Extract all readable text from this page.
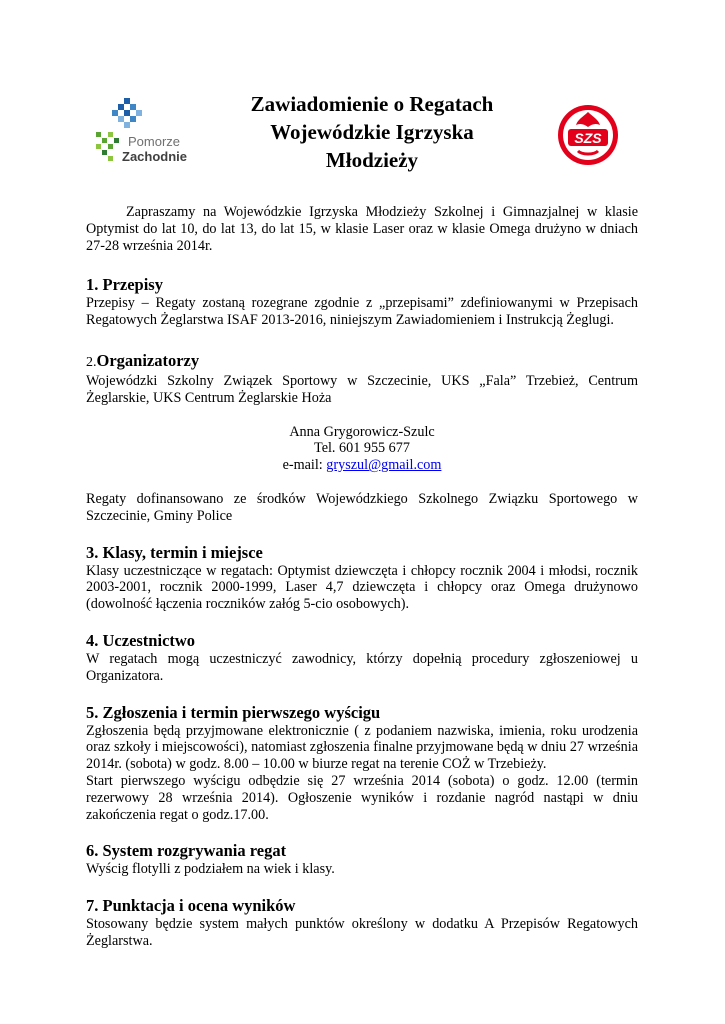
Pomorze
Zachodnie
Zawiadomienie o Regatach
Wojewódzkie Igrzyska
Młodzieży
SZS

Zapraszamy na Wojewódzkie Igrzyska Młodzieży Szkolnej i Gimnazjalnej w klasie Optymist do lat 10, do lat 13, do lat 15, w klasie Laser oraz w klasie Omega drużyno w dniach 27-28 września 2014r.

1. Przepisy

Przepisy – Regaty zostaną rozegrane zgodnie z „przepisami” zdefiniowanymi w Przepisach Regatowych Żeglarstwa ISAF 2013-2016, niniejszym Zawiadomieniem i Instrukcją Żeglugi.

2.Organizatorzy

Wojewódzki Szkolny Związek Sportowy w Szczecinie, UKS „Fala” Trzebież, Centrum Żeglarskie, UKS Centrum Żeglarskie Hoża

Anna Grygorowicz-Szulc
Tel. 601 955 677
e-mail: gryszul@gmail.com

Regaty dofinansowano ze środków Wojewódzkiego Szkolnego Związku Sportowego w Szczecinie, Gminy Police

3. Klasy, termin i miejsce

Klasy uczestniczące w regatach: Optymist dziewczęta i chłopcy rocznik 2004 i młodsi, rocznik 2003-2001, rocznik 2000-1999, Laser 4,7 dziewczęta i chłopcy oraz Omega drużynowo (dowolność łączenia roczników załóg 5-cio osobowych).

4. Uczestnictwo

W regatach mogą uczestniczyć zawodnicy, którzy dopełnią procedury zgłoszeniowej u Organizatora.

5. Zgłoszenia i termin pierwszego wyścigu

Zgłoszenia będą przyjmowane elektronicznie ( z podaniem nazwiska, imienia, roku urodzenia oraz szkoły i miejscowości), natomiast zgłoszenia finalne przyjmowane będą w dniu 27 września 2014r. (sobota) w godz. 8.00 – 10.00 w biurze regat na terenie COŻ w Trzebieży.

Start pierwszego wyścigu odbędzie się 27 września 2014 (sobota) o godz. 12.00 (termin rezerwowy 28 września 2014). Ogłoszenie wyników i rozdanie nagród nastąpi w dniu zakończenia regat o godz.17.00.

6. System rozgrywania regat

Wyścig flotylli z podziałem na wiek i klasy.

7. Punktacja i ocena wyników

Stosowany będzie system małych punktów określony w dodatku A Przepisów Regatowych Żeglarstwa.
